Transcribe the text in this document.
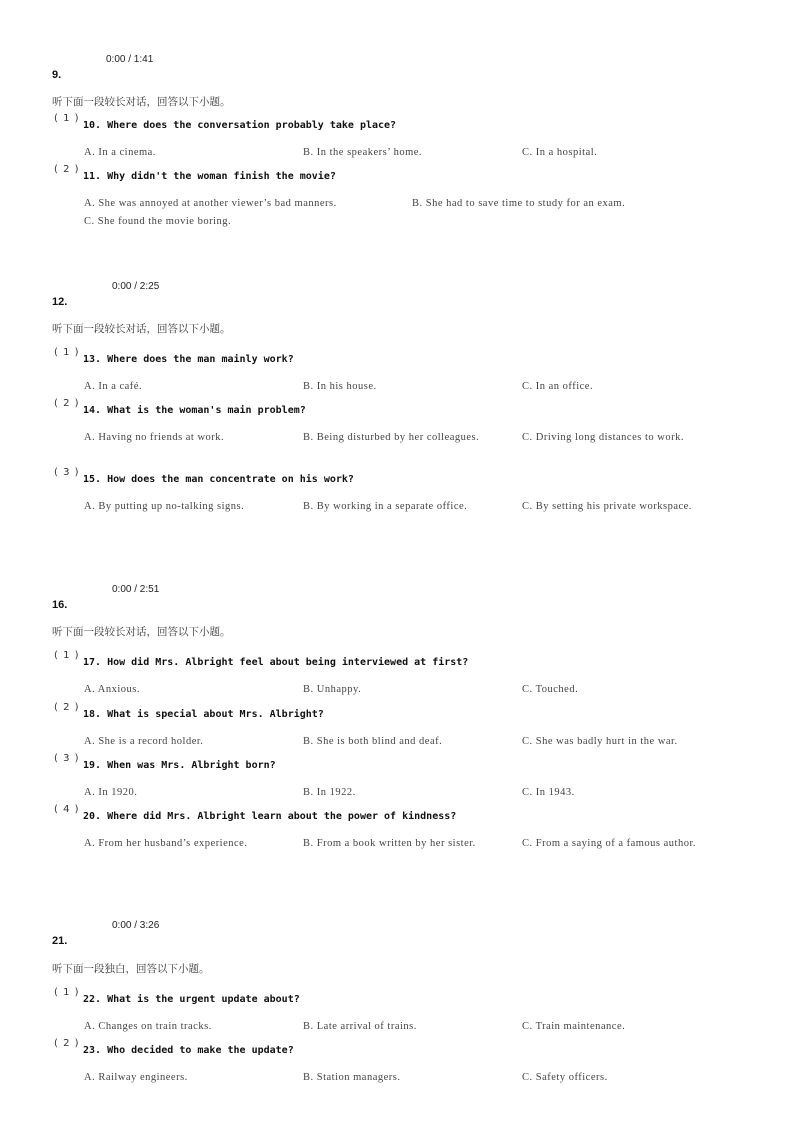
0:00 / 1:41
9.
听下面一段较长对话，回答以下小题。
( 1 )
10. Where does the conversation probably take place?
A. In a cinema.	B. In the speakers’ home.	C. In a hospital.
( 2 )
11. Why didn't the woman finish the movie?
A. She was annoyed at another viewer’s bad manners.	B. She had to save time to study for an exam.
C. She found the movie boring.
0:00 / 2:25
12.
听下面一段较长对话，回答以下小题。
( 1 )
13. Where does the man mainly work?
A. In a café.	B. In his house.	C. In an office.
( 2 )
14. What is the woman's main problem?
A. Having no friends at work.	B. Being disturbed by her colleagues.	C. Driving long distances to work.
( 3 )
15. How does the man concentrate on his work?
A. By putting up no-talking signs.	B. By working in a separate office.	C. By setting his private workspace.
0:00 / 2:51
16.
听下面一段较长对话，回答以下小题。
( 1 )
17. How did Mrs. Albright feel about being interviewed at first?
A. Anxious.	B. Unhappy.	C. Touched.
( 2 )
18. What is special about Mrs. Albright?
A. She is a record holder.	B. She is both blind and deaf.	C. She was badly hurt in the war.
( 3 )
19. When was Mrs. Albright born?
A. In 1920.	B. In 1922.	C. In 1943.
( 4 )
20. Where did Mrs. Albright learn about the power of kindness?
A. From her husband’s experience.	B. From a book written by her sister.	C. From a saying of a famous author.
0:00 / 3:26
21.
听下面一段独白，回答以下小题。
( 1 )
22. What is the urgent update about?
A. Changes on train tracks.	B. Late arrival of trains.	C. Train maintenance.
( 2 )
23. Who decided to make the update?
A. Railway engineers.	B. Station managers.	C. Safety officers.
